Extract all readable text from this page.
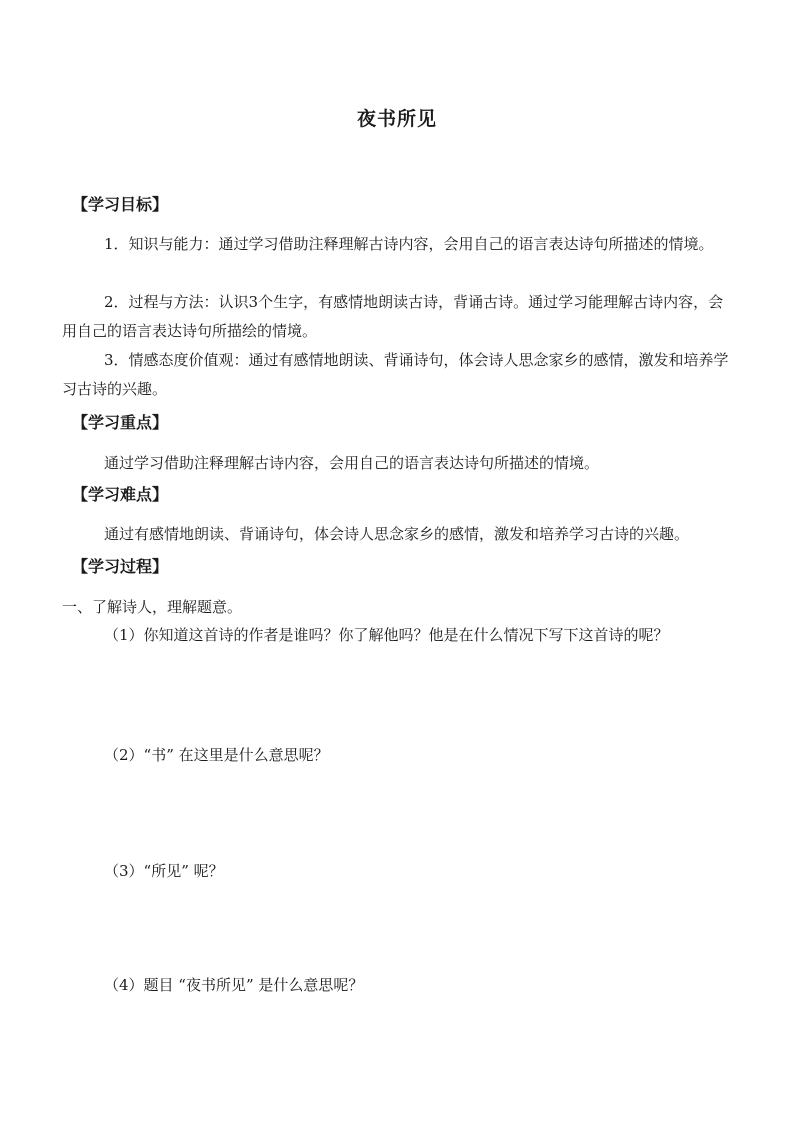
夜书所见
【学习目标】
1．知识与能力：通过学习借助注释理解古诗内容，会用自己的语言表达诗句所描述的情境。
2．过程与方法：认识3个生字，有感情地朗读古诗，背诵古诗。通过学习能理解古诗内容，会用自己的语言表达诗句所描绘的情境。
3．情感态度价值观：通过有感情地朗读、背诵诗句，体会诗人思念家乡的感情，激发和培养学习古诗的兴趣。
【学习重点】
通过学习借助注释理解古诗内容，会用自己的语言表达诗句所描述的情境。
【学习难点】
通过有感情地朗读、背诵诗句，体会诗人思念家乡的感情，激发和培养学习古诗的兴趣。
【学习过程】
一、了解诗人，理解题意。
（1）你知道这首诗的作者是谁吗？你了解他吗？他是在什么情况下写下这首诗的呢？
（2）“书” 在这里是什么意思呢？
（3）“所见” 呢？
（4）题目 “夜书所见” 是什么意思呢？
